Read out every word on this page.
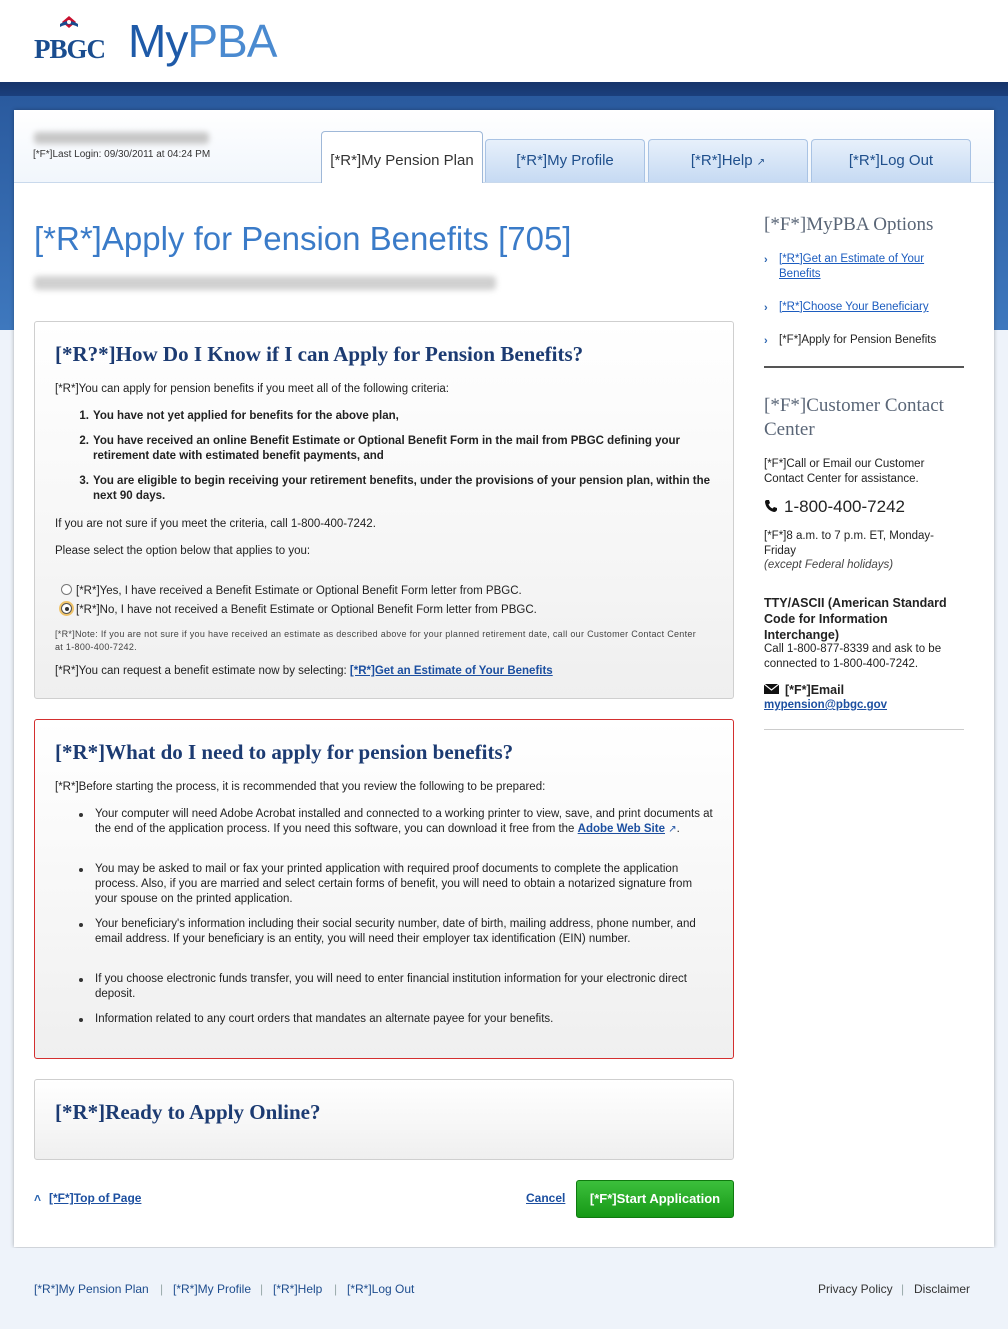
PBGC MyPBA
[*F*]Last Login: 09/30/2011 at 04:24 PM	[*R*]My Pension Plan	[*R*]My Profile	[*R*]Help ↗	[*R*]Log Out
[*R*]Apply for Pension Benefits [705]
[*R?*]How Do I Know if I can Apply for Pension Benefits?
[*R*]You can apply for pension benefits if you meet all of the following criteria:
1. You have not yet applied for benefits for the above plan,
2. You have received an online Benefit Estimate or Optional Benefit Form in the mail from PBGC defining your retirement date with estimated benefit payments, and
3. You are eligible to begin receiving your retirement benefits, under the provisions of your pension plan, within the next 90 days.
If you are not sure if you meet the criteria, call 1-800-400-7242.
Please select the option below that applies to you:
[*R*]Yes, I have received a Benefit Estimate or Optional Benefit Form letter from PBGC.
[*R*]No, I have not received a Benefit Estimate or Optional Benefit Form letter from PBGC.
[*R*]Note: If you are not sure if you have received an estimate as described above for your planned retirement date, call our Customer Contact Center at 1-800-400-7242.
[*R*]You can request a benefit estimate now by selecting: [*R*]Get an Estimate of Your Benefits
[*R*]What do I need to apply for pension benefits?
[*R*]Before starting the process, it is recommended that you review the following to be prepared:
Your computer will need Adobe Acrobat installed and connected to a working printer to view, save, and print documents at the end of the application process. If you need this software, you can download it free from the Adobe Web Site ↗.
You may be asked to mail or fax your printed application with required proof documents to complete the application process. Also, if you are married and select certain forms of benefit, you will need to obtain a notarized signature from your spouse on the printed application.
Your beneficiary's information including their social security number, date of birth, mailing address, phone number, and email address. If your beneficiary is an entity, you will need their employer tax identification (EIN) number.
If you choose electronic funds transfer, you will need to enter financial institution information for your electronic direct deposit.
Information related to any court orders that mandates an alternate payee for your benefits.
[*R*]Ready to Apply Online?
˄ [*F*]Top of Page	Cancel	[*F*]Start Application
[*F*]MyPBA Options
› [*R*]Get an Estimate of Your Benefits
› [*R*]Choose Your Beneficiary
› [*F*]Apply for Pension Benefits
[*F*]Customer Contact Center
[*F*]Call or Email our Customer Contact Center for assistance.
1-800-400-7242
[*F*]8 a.m. to 7 p.m. ET, Monday-Friday
(except Federal holidays)
TTY/ASCII (American Standard Code for Information Interchange)
Call 1-800-877-8339 and ask to be connected to 1-800-400-7242.
[*F*]Email
mypension@pbgc.gov
[*R*]My Pension Plan | [*R*]My Profile | [*R*]Help | [*R*]Log Out	Privacy Policy | Disclaimer
